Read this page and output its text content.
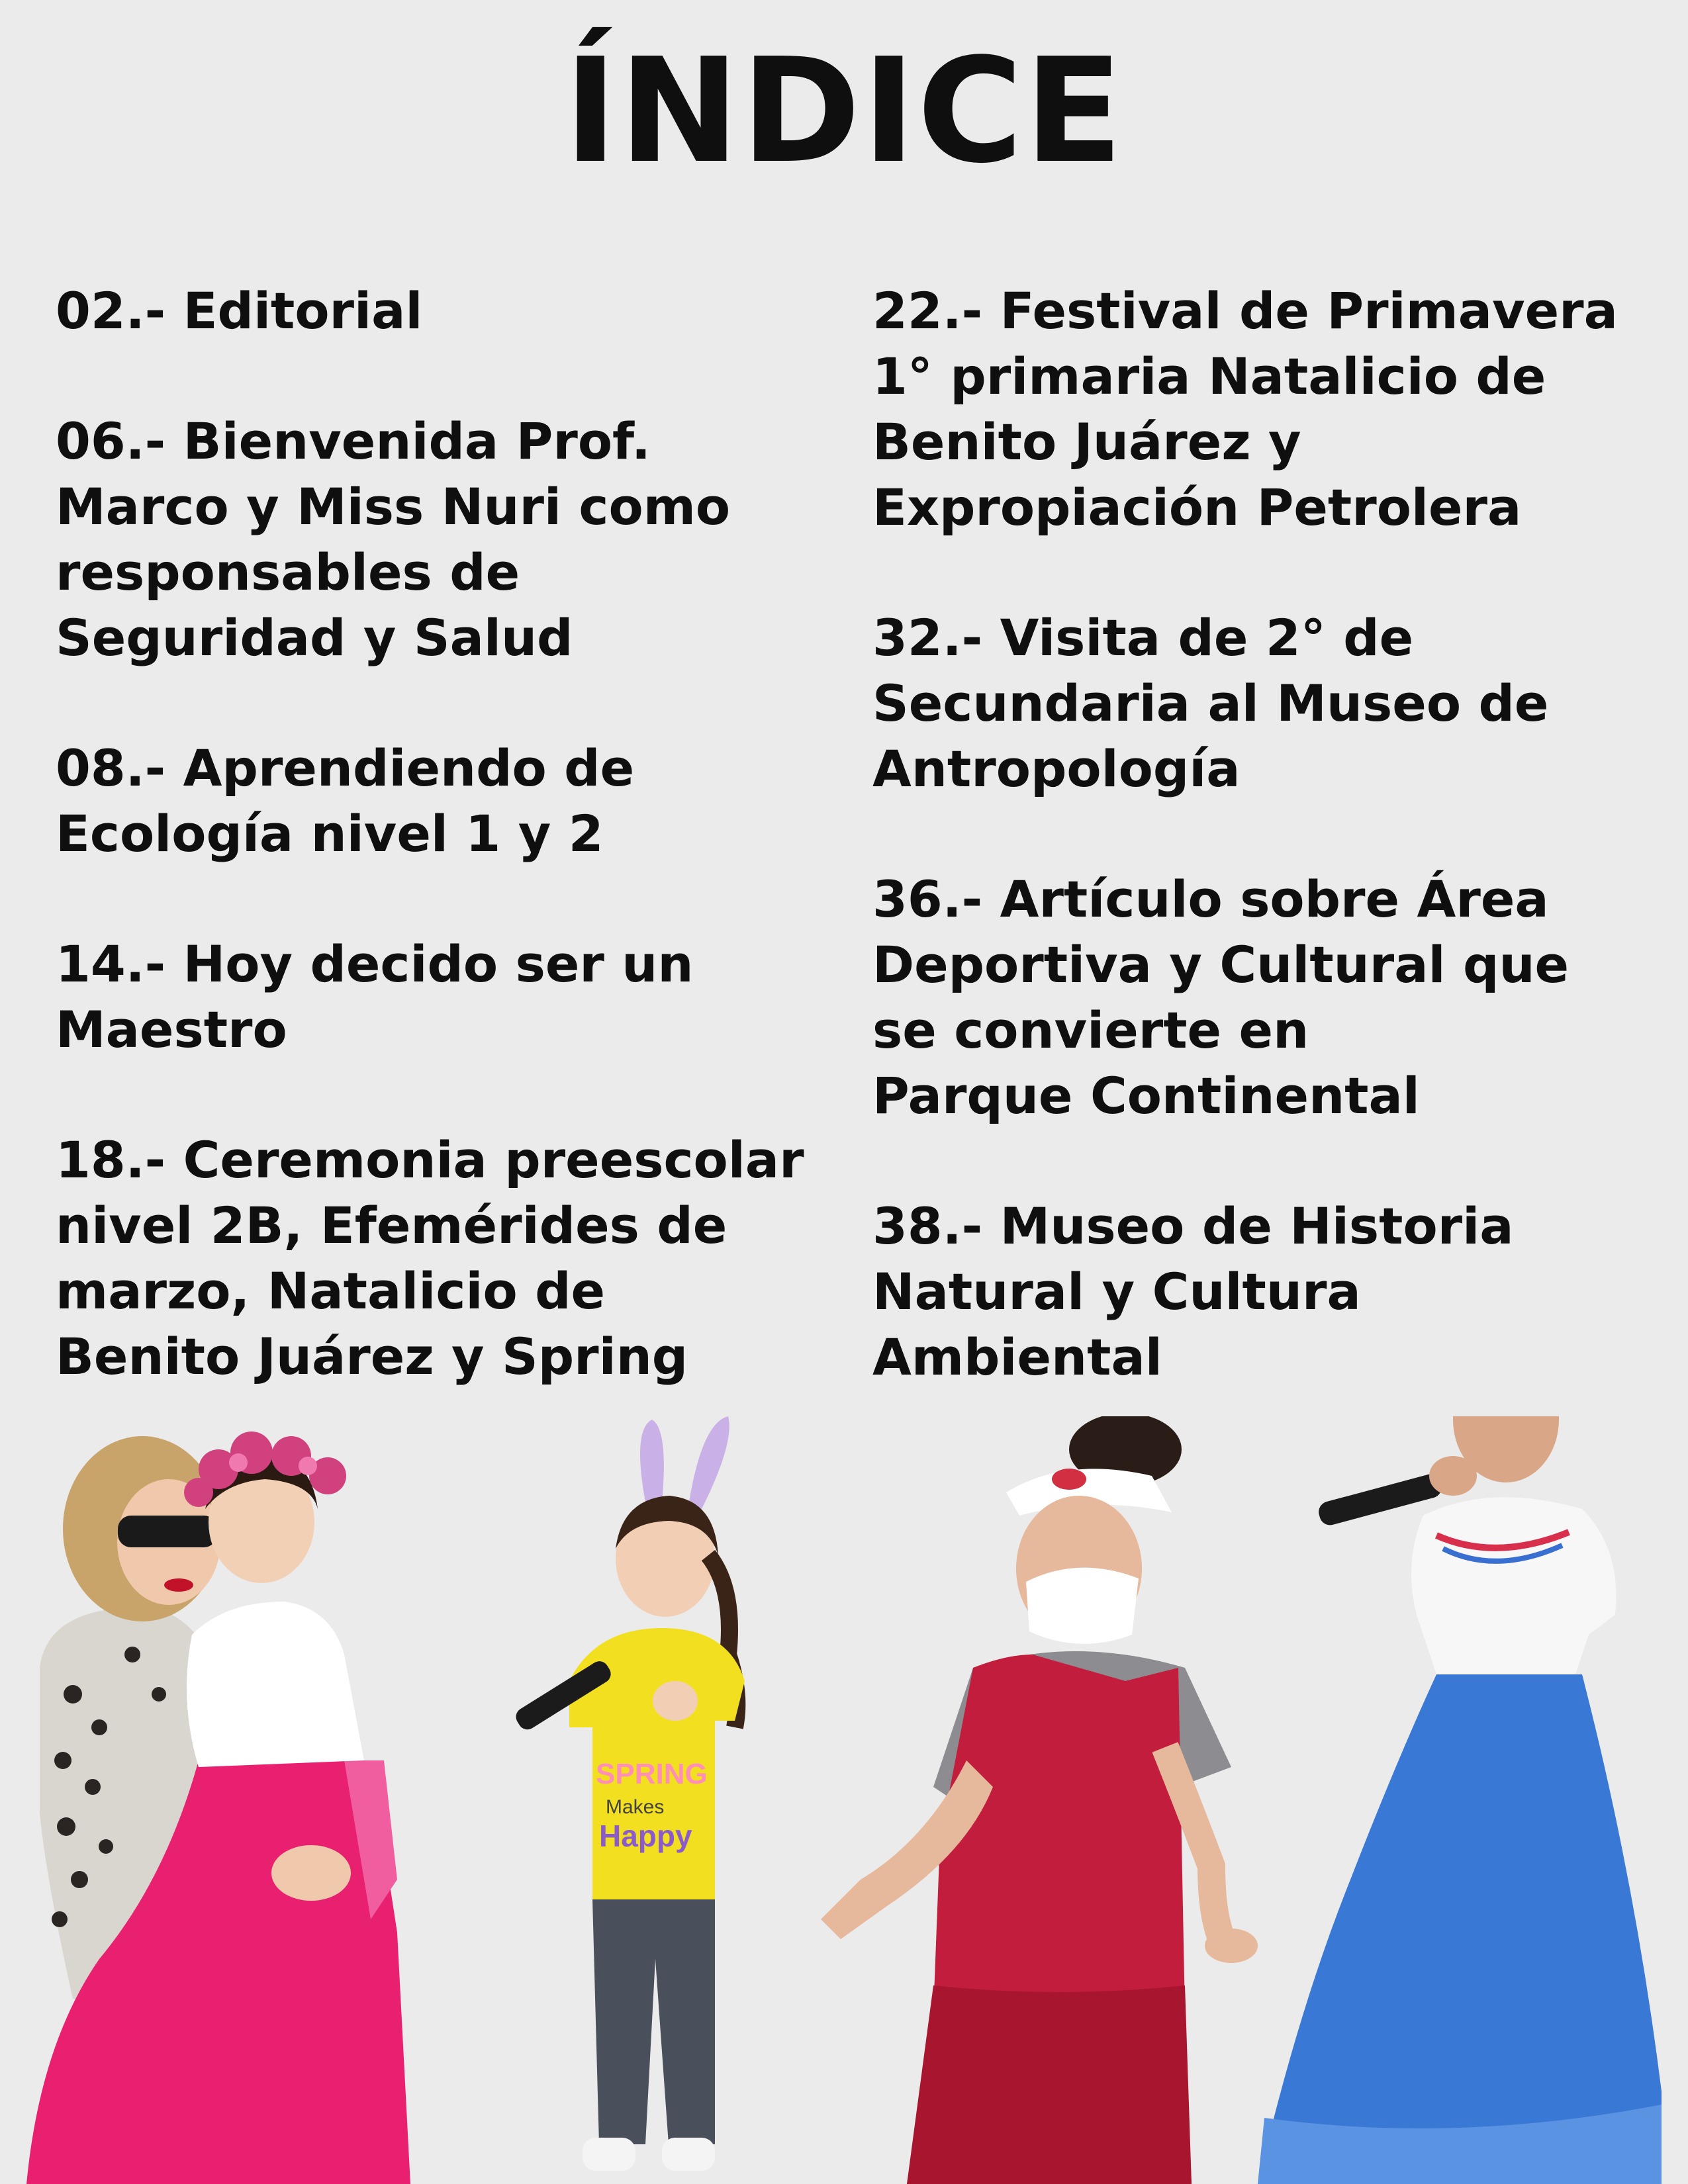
ÍNDICE
02.- Editorial
06.- Bienvenida Prof.
Marco y Miss Nuri como
responsables de
Seguridad y Salud
08.- Aprendiendo de
Ecología nivel 1 y 2
14.- Hoy decido ser un
Maestro
18.- Ceremonia preescolar
nivel 2B, Efemérides de
marzo, Natalicio de
Benito Juárez y Spring
22.- Festival de Primavera
1° primaria Natalicio de
Benito Juárez y
Expropiación Petrolera
32.- Visita de 2° de
Secundaria al Museo de
Antropología
36.- Artículo sobre Área
Deportiva y Cultural que
se convierte en
Parque Continental
38.- Museo de Historia
Natural y Cultura
Ambiental
SPRING
Makes
Happy
